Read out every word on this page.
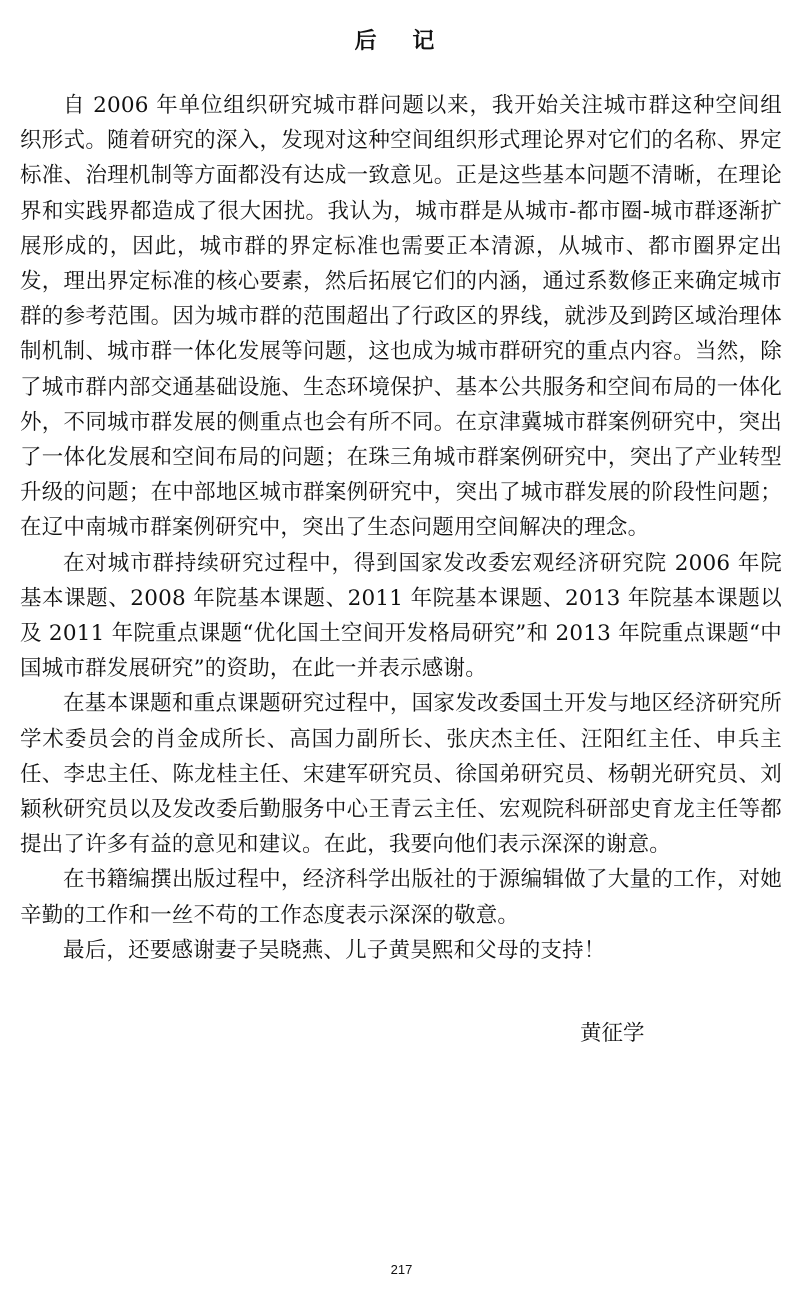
后 记

自 2006 年单位组织研究城市群问题以来，我开始关注城市群这种空间组织形式。随着研究的深入，发现对这种空间组织形式理论界对它们的名称、界定标准、治理机制等方面都没有达成一致意见。正是这些基本问题不清晰，在理论界和实践界都造成了很大困扰。我认为，城市群是从城市-都市圈-城市群逐渐扩展形成的，因此，城市群的界定标准也需要正本清源，从城市、都市圈界定出发，理出界定标准的核心要素，然后拓展它们的内涵，通过系数修正来确定城市群的参考范围。因为城市群的范围超出了行政区的界线，就涉及到跨区域治理体制机制、城市群一体化发展等问题，这也成为城市群研究的重点内容。当然，除了城市群内部交通基础设施、生态环境保护、基本公共服务和空间布局的一体化外，不同城市群发展的侧重点也会有所不同。在京津冀城市群案例研究中，突出了一体化发展和空间布局的问题；在珠三角城市群案例研究中，突出了产业转型升级的问题；在中部地区城市群案例研究中，突出了城市群发展的阶段性问题；在辽中南城市群案例研究中，突出了生态问题用空间解决的理念。

在对城市群持续研究过程中，得到国家发改委宏观经济研究院 2006 年院基本课题、2008 年院基本课题、2011 年院基本课题、2013 年院基本课题以及 2011 年院重点课题“优化国土空间开发格局研究”和 2013 年院重点课题“中国城市群发展研究”的资助，在此一并表示感谢。

在基本课题和重点课题研究过程中，国家发改委国土开发与地区经济研究所学术委员会的肖金成所长、高国力副所长、张庆杰主任、汪阳红主任、申兵主任、李忠主任、陈龙桂主任、宋建军研究员、徐国弟研究员、杨朝光研究员、刘颖秋研究员以及发改委后勤服务中心王青云主任、宏观院科研部史育龙主任等都提出了许多有益的意见和建议。在此，我要向他们表示深深的谢意。

在书籍编撰出版过程中，经济科学出版社的于源编辑做了大量的工作，对她辛勤的工作和一丝不苟的工作态度表示深深的敬意。

最后，还要感谢妻子吴晓燕、儿子黄昊熙和父母的支持！

黄征学

217
